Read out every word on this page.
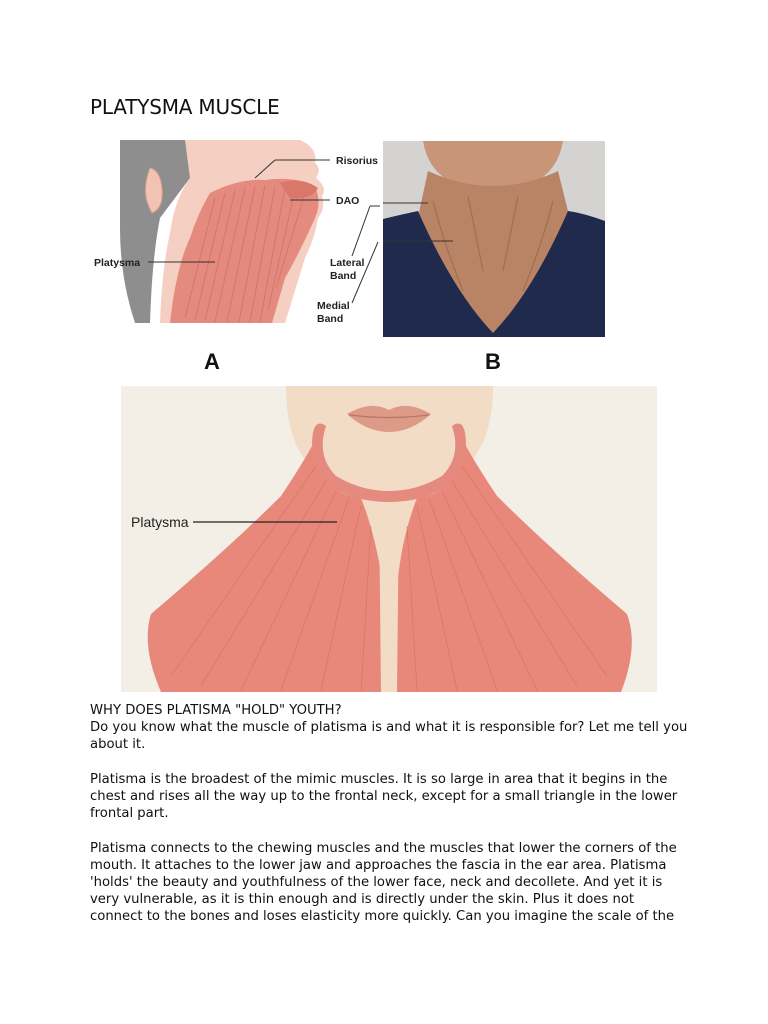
PLATYSMA MUSCLE
Risorius
DAO
Platysma	Lateral
Band
Medial
Band
A	B
Platysma

WHY DOES PLATISMA "HOLD" YOUTH?

Do you know what the muscle of platisma is and what it is responsible for? Let me tell you about it.

Platisma is the broadest of the mimic muscles. It is so large in area that it begins in the chest and rises all the way up to the frontal neck, except for a small triangle in the lower frontal part.

Platisma connects to the chewing muscles and the muscles that lower the corners of the mouth. It attaches to the lower jaw and approaches the fascia in the ear area. Platisma 'holds' the beauty and youthfulness of the lower face, neck and decollete. And yet it is very vulnerable, as it is thin enough and is directly under the skin. Plus it does not connect to the bones and loses elasticity more quickly. Can you imagine the scale of the
